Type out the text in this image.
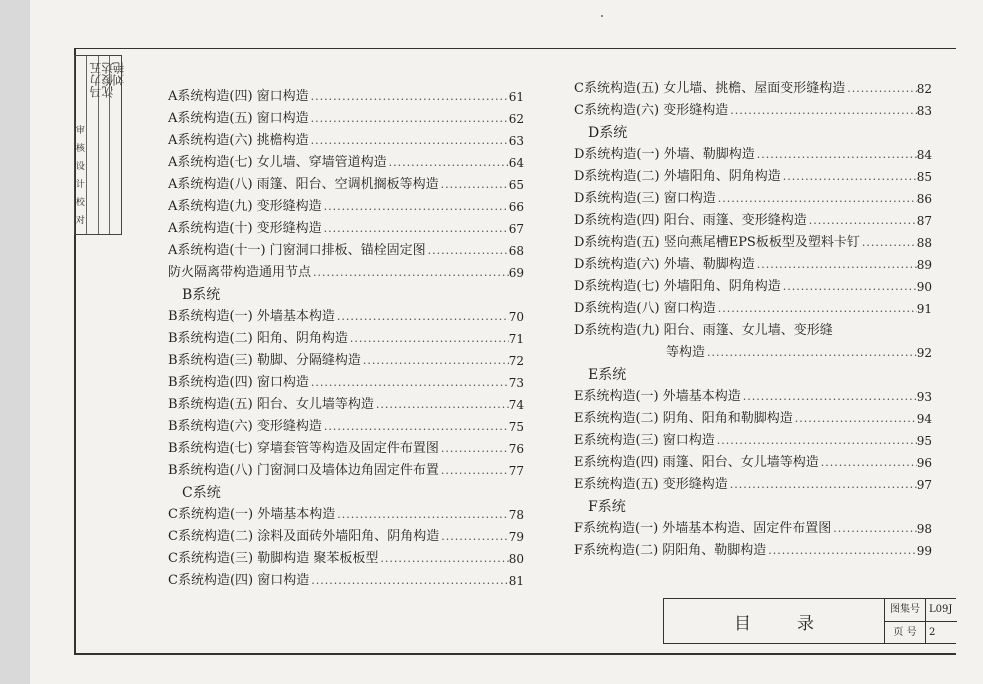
审
核
设
计
校
对
马力五
沈俊达
刘艳
A系统构造(四) 窗口构造 .....	61
A系统构造(五) 窗口构造 .....	62
A系统构造(六) 挑檐构造 .....	63
A系统构造(七) 女儿墙、穿墙管道构造 .....	64
A系统构造(八) 雨篷、阳台、空调机搁板等构造 .....	65
A系统构造(九) 变形缝构造 .....	66
A系统构造(十) 变形缝构造 .....	67
A系统构造(十一) 门窗洞口排板、锚栓固定图 .....	68
防火隔离带构造通用节点 .....	69
B系统
B系统构造(一) 外墙基本构造 .....	70
B系统构造(二) 阳角、阴角构造 .....	71
B系统构造(三) 勒脚、分隔缝构造 .....	72
B系统构造(四) 窗口构造 .....	73
B系统构造(五) 阳台、女儿墙等构造 .....	74
B系统构造(六) 变形缝构造 .....	75
B系统构造(七) 穿墙套管等构造及固定件布置图 .....	76
B系统构造(八) 门窗洞口及墙体边角固定件布置 .....	77
C系统
C系统构造(一) 外墙基本构造 .....	78
C系统构造(二) 涂料及面砖外墙阳角、阴角构造 .....	79
C系统构造(三) 勒脚构造 聚苯板板型 .....	80
C系统构造(四) 窗口构造 .....	81
C系统构造(五) 女儿墙、挑檐、屋面变形缝构造 .....	82
C系统构造(六) 变形缝构造 .....	83
D系统
D系统构造(一) 外墙、勒脚构造 .....	84
D系统构造(二) 外墙阳角、阴角构造 .....	85
D系统构造(三) 窗口构造 .....	86
D系统构造(四) 阳台、雨篷、变形缝构造 .....	87
D系统构造(五) 竖向燕尾槽EPS板板型及塑料卡钉 .....	88
D系统构造(六) 外墙、勒脚构造 .....	89
D系统构造(七) 外墙阳角、阴角构造 .....	90
D系统构造(八) 窗口构造 .....	91
D系统构造(九) 阳台、雨篷、女儿墙、变形缝
等构造 .....	92
E系统
E系统构造(一) 外墙基本构造 .....	93
E系统构造(二) 阴角、阳角和勒脚构造 .....	94
E系统构造(三) 窗口构造 .....	95
E系统构造(四) 雨篷、阳台、女儿墙等构造 .....	96
E系统构造(五) 变形缝构造 .....	97
F系统
F系统构造(一) 外墙基本构造、固定件布置图 .....	98
F系统构造(二) 阴阳角、勒脚构造 .....	99
目录
图集号 L09J
页 号	2
